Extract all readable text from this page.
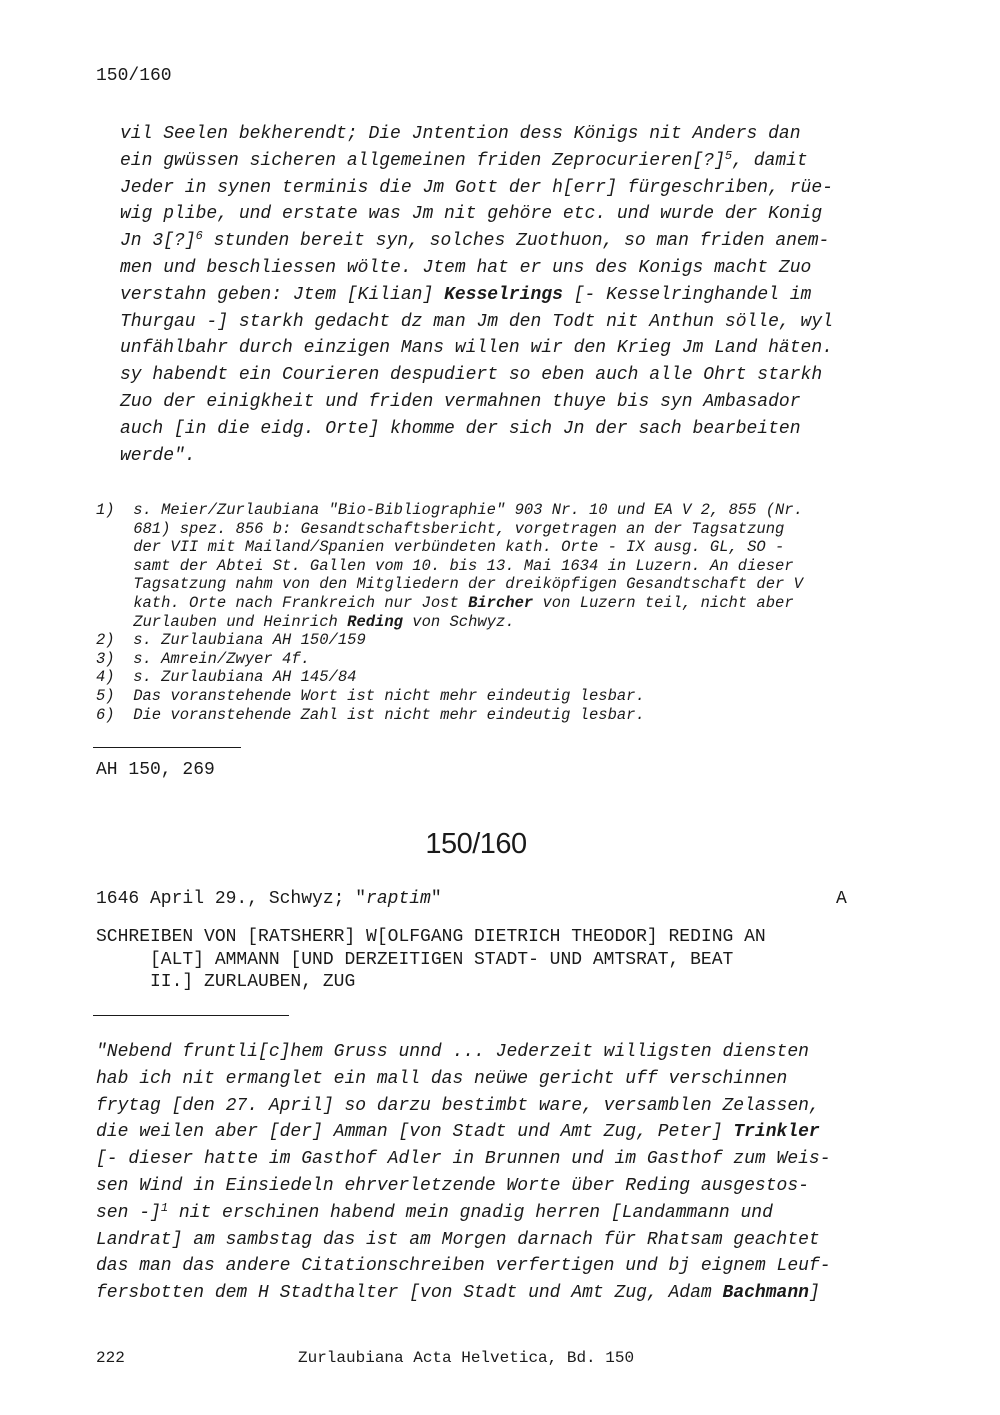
150/160
vil Seelen bekherendt; Die Jntention dess Königs nit Anders dan
ein gwüssen sicheren allgemeinen friden Zeprocurieren[?]$^5$, damit
Jeder in synen terminis die Jm Gott der h[err] fürgeschriben, rüe-
wig plibe, und erstate was Jm nit gehöre etc. und wurde der Konig
Jn 3[?]$^6$ stunden bereit syn, solches Zuothuon, so man friden anem-
men und beschliessen wölte. Jtem hat er uns des Konigs macht Zuo
verstahn geben: Jtem [Kilian] Kesselrings [- Kesselringhandel im
Thurgau -] starkh gedacht dz man Jm den Todt nit Anthun sölle, wyl
unfählbahr durch einzigen Mans willen wir den Krieg Jm Land häten.
sy habendt ein Courieren despudiert so eben auch alle Ohrt starkh
Zuo der einigkheit und friden vermahnen thuye bis syn Ambasador
auch [in die eidg. Orte] khomme der sich Jn der sach bearbeiten
werde".
1)  s. Meier/Zurlaubiana "Bio-Bibliographie" 903 Nr. 10 und EA V 2, 855 (Nr.
681) spez. 856 b: Gesandtschaftsbericht, vorgetragen an der Tagsatzung
der VII mit Mailand/Spanien verbündeten kath. Orte - IX ausg. GL, SO -
samt der Abtei St. Gallen vom 10. bis 13. Mai 1634 in Luzern. An dieser
Tagsatzung nahm von den Mitgliedern der dreiköpfigen Gesandtschaft der V
kath. Orte nach Frankreich nur Jost Bircher von Luzern teil, nicht aber
Zurlauben und Heinrich Reding von Schwyz.
2)  s. Zurlaubiana AH 150/159
3)  s. Amrein/Zwyer 4f.
4)  s. Zurlaubiana AH 145/84
5)  Das voranstehende Wort ist nicht mehr eindeutig lesbar.
6)  Die voranstehende Zahl ist nicht mehr eindeutig lesbar.
AH 150, 269
150/160
1646 April 29., Schwyz; "raptim"	A
SCHREIBEN VON [RATSHERR] W[OLFGANG DIETRICH THEODOR] REDING AN
[ALT] AMMANN [UND DERZEITIGEN STADT- UND AMTSRAT, BEAT
II.] ZURLAUBEN, ZUG
"Nebend fruntli[c]hem Gruss unnd ... Jederzeit willigsten diensten
hab ich nit ermanglet ein mall das neüwe gericht uff verschinnen
frytag [den 27. April] so darzu bestimbt ware, versamblen Zelassen,
die weilen aber [der] Amman [von Stadt und Amt Zug, Peter] Trinkler
[- dieser hatte im Gasthof Adler in Brunnen und im Gasthof zum Weis-
sen Wind in Einsiedeln ehrverletzende Worte über Reding ausgestos-
sen -]$^1$ nit erschinen habend mein gnadig herren [Landammann und
Landrat] am sambstag das ist am Morgen darnach für Rhatsam geachtet
das man das andere Citationschreiben verfertigen und bj eignem Leuf-
fersbotten dem H Stadthalter [von Stadt und Amt Zug, Adam Bachmann]
222	Zurlaubiana Acta Helvetica, Bd. 150
